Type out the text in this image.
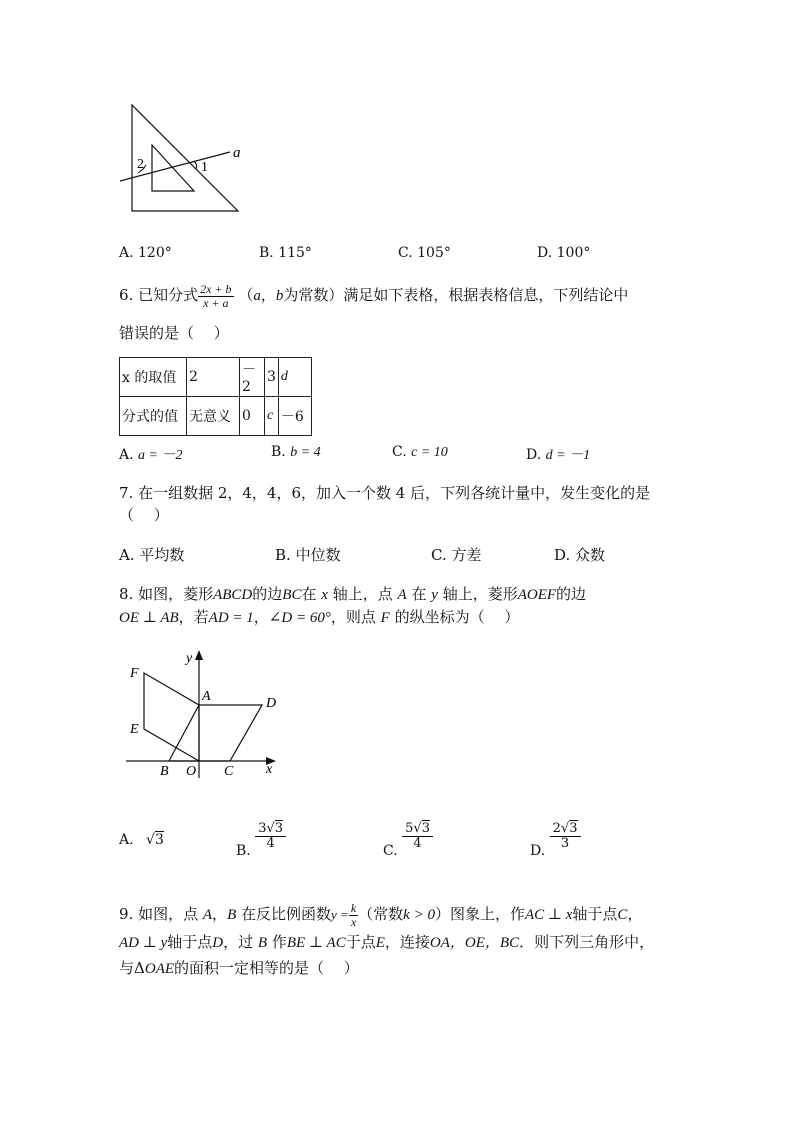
2	1
a
A. 120°	B. 115°	C. 105°	D. 100°
6. 已知分式 $\frac{2x + b}{x + a} (a$，b为常数）满足如下表格，根据表格信息，下列结论中
错误的是（　 ）
x 的取值	2	－2	3	d
分式的值	无意义	0	c	－6
A. a = －2	B. b = 4	C. c = 10	D. d = －1
7. 在一组数据 2，4，4，6，加入一个数 4 后，下列各统计量中，发生变化的是
（　 ）
A. 平均数	B. 中位数	C. 方差	D. 众数
8. 如图，菱形ABCD的边BC在 x 轴上，点 A 在 y 轴上，菱形AOEF的边
OE ⊥ AB，若AD = 1，∠D = 60°，则点 F 的纵坐标为（　 ）
F
y
A	D
E
B O C x
A. √3
B. $\frac{3√3}{4}$	C. $\frac{5√3}{4}$	D. $\frac{2√3}{3}$
9. 如图，点 A，B 在反比例函数$y = \frac{k}{x}$ （常数k > 0）图象上，作AC ⊥ x轴于点C，
AD ⊥ y轴于点D，过 B 作BE ⊥ AC于点E，连接OA，OE，BC．则下列三角形中，
与ΔOAE的面积一定相等的是（　 ）
